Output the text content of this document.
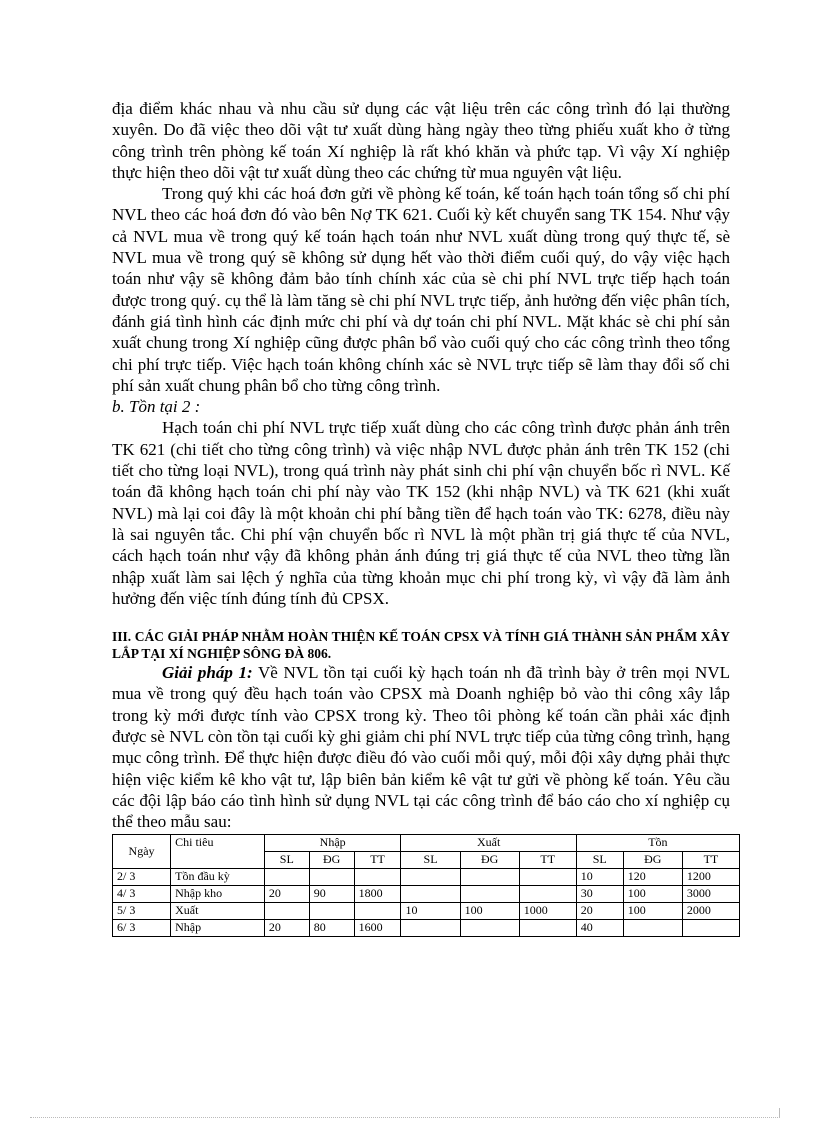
địa điểm khác nhau và nhu cầu sử dụng các vật liệu trên các công trình đó lại thường xuyên. Do đã việc theo dõi vật tư xuất dùng hàng ngày theo từng phiếu xuất kho ở từng công trình trên phòng kế toán Xí nghiệp là rất khó khăn và phức tạp. Vì vậy Xí nghiệp thực hiện theo dõi vật tư xuất dùng theo các chứng từ mua nguyên vật liệu.

Trong quý khi các hoá đơn gửi về phòng kế toán, kế toán hạch toán tổng số chi phí NVL theo các hoá đơn đó vào bên Nợ TK 621. Cuối kỳ kết chuyển sang TK 154. Như vậy cả NVL mua về trong quý kế toán hạch toán như NVL xuất dùng trong quý thực tế, sè NVL mua về trong quý sẽ không sử dụng hết vào thời điểm cuối quý, do vậy việc hạch toán như vậy sẽ không đảm bảo tính chính xác của sè chi phí NVL trực tiếp hạch toán được trong quý. cụ thể là làm tăng sè chi phí NVL trực tiếp, ảnh hưởng đến việc phân tích, đánh giá tình hình các định mức chi phí và dự toán chi phí NVL. Mặt khác sè chi phí sản xuất chung trong Xí nghiệp cũng được phân bổ vào cuối quý cho các công trình theo tổng chi phí trực tiếp. Việc hạch toán không chính xác sè NVL trực tiếp sẽ làm thay đổi số chi phí sản xuất chung phân bổ cho từng công trình.

b. Tồn tại 2 :

Hạch toán chi phí NVL trực tiếp xuất dùng cho các công trình được phản ánh trên TK 621 (chi tiết cho từng công trình) và việc nhập NVL được phản ánh trên TK 152 (chi tiết cho từng loại NVL), trong quá trình này phát sinh chi phí vận chuyển bốc rì NVL. Kế toán đã không hạch toán chi phí này vào TK 152 (khi nhập NVL) và TK 621 (khi xuất NVL) mà lại coi đây là một khoản chi phí bằng tiền để hạch toán vào TK: 6278, điều này là sai nguyên tắc. Chi phí vận chuyển bốc rì NVL là một phần trị giá thực tế của NVL, cách hạch toán như vậy đã không phản ánh đúng trị giá thực tế của NVL theo từng lần nhập xuất làm sai lệch ý nghĩa của từng khoản mục chi phí trong kỳ, vì vậy đã làm ảnh hưởng đến việc tính đúng tính đủ CPSX.

III. CÁC GIẢI PHÁP NHẰM HOÀN THIỆN KẾ TOÁN CPSX VÀ TÍNH GIÁ THÀNH SẢN PHẨM XÂY LẮP TẠI XÍ NGHIỆP SÔNG ĐÀ 806.

Giải pháp 1: Về NVL tồn tại cuối kỳ hạch toán nh đã trình bày ở trên mọi NVL mua về trong quý đều hạch toán vào CPSX mà Doanh nghiệp bỏ vào thi công xây lắp trong kỳ mới được tính vào CPSX trong kỳ. Theo tôi phòng kế toán cần phải xác định được sè NVL còn tồn tại cuối kỳ ghi giảm chi phí NVL trực tiếp của từng công trình, hạng mục công trình. Để thực hiện được điều đó vào cuối mỗi quý, mỗi đội xây dựng phải thực hiện việc kiểm kê kho vật tư, lập biên bản kiểm kê vật tư gửi về phòng kế toán. Yêu cầu các đội lập báo cáo tình hình sử dụng NVL tại các công trình để báo cáo cho xí nghiệp cụ thể theo mẫu sau:

Ngày	Chi tiêu	Nhập			Xuất			Tồn		
		SL	ĐG	TT	SL	ĐG	TT	SL	ĐG	TT
2/ 3	Tồn đầu kỳ							10	120	1200
4/ 3	Nhập kho	20	90	1800				30	100	3000
5/ 3	Xuất				10	100	1000	20	100	2000
6/ 3	Nhập	20	80	1600				40		
